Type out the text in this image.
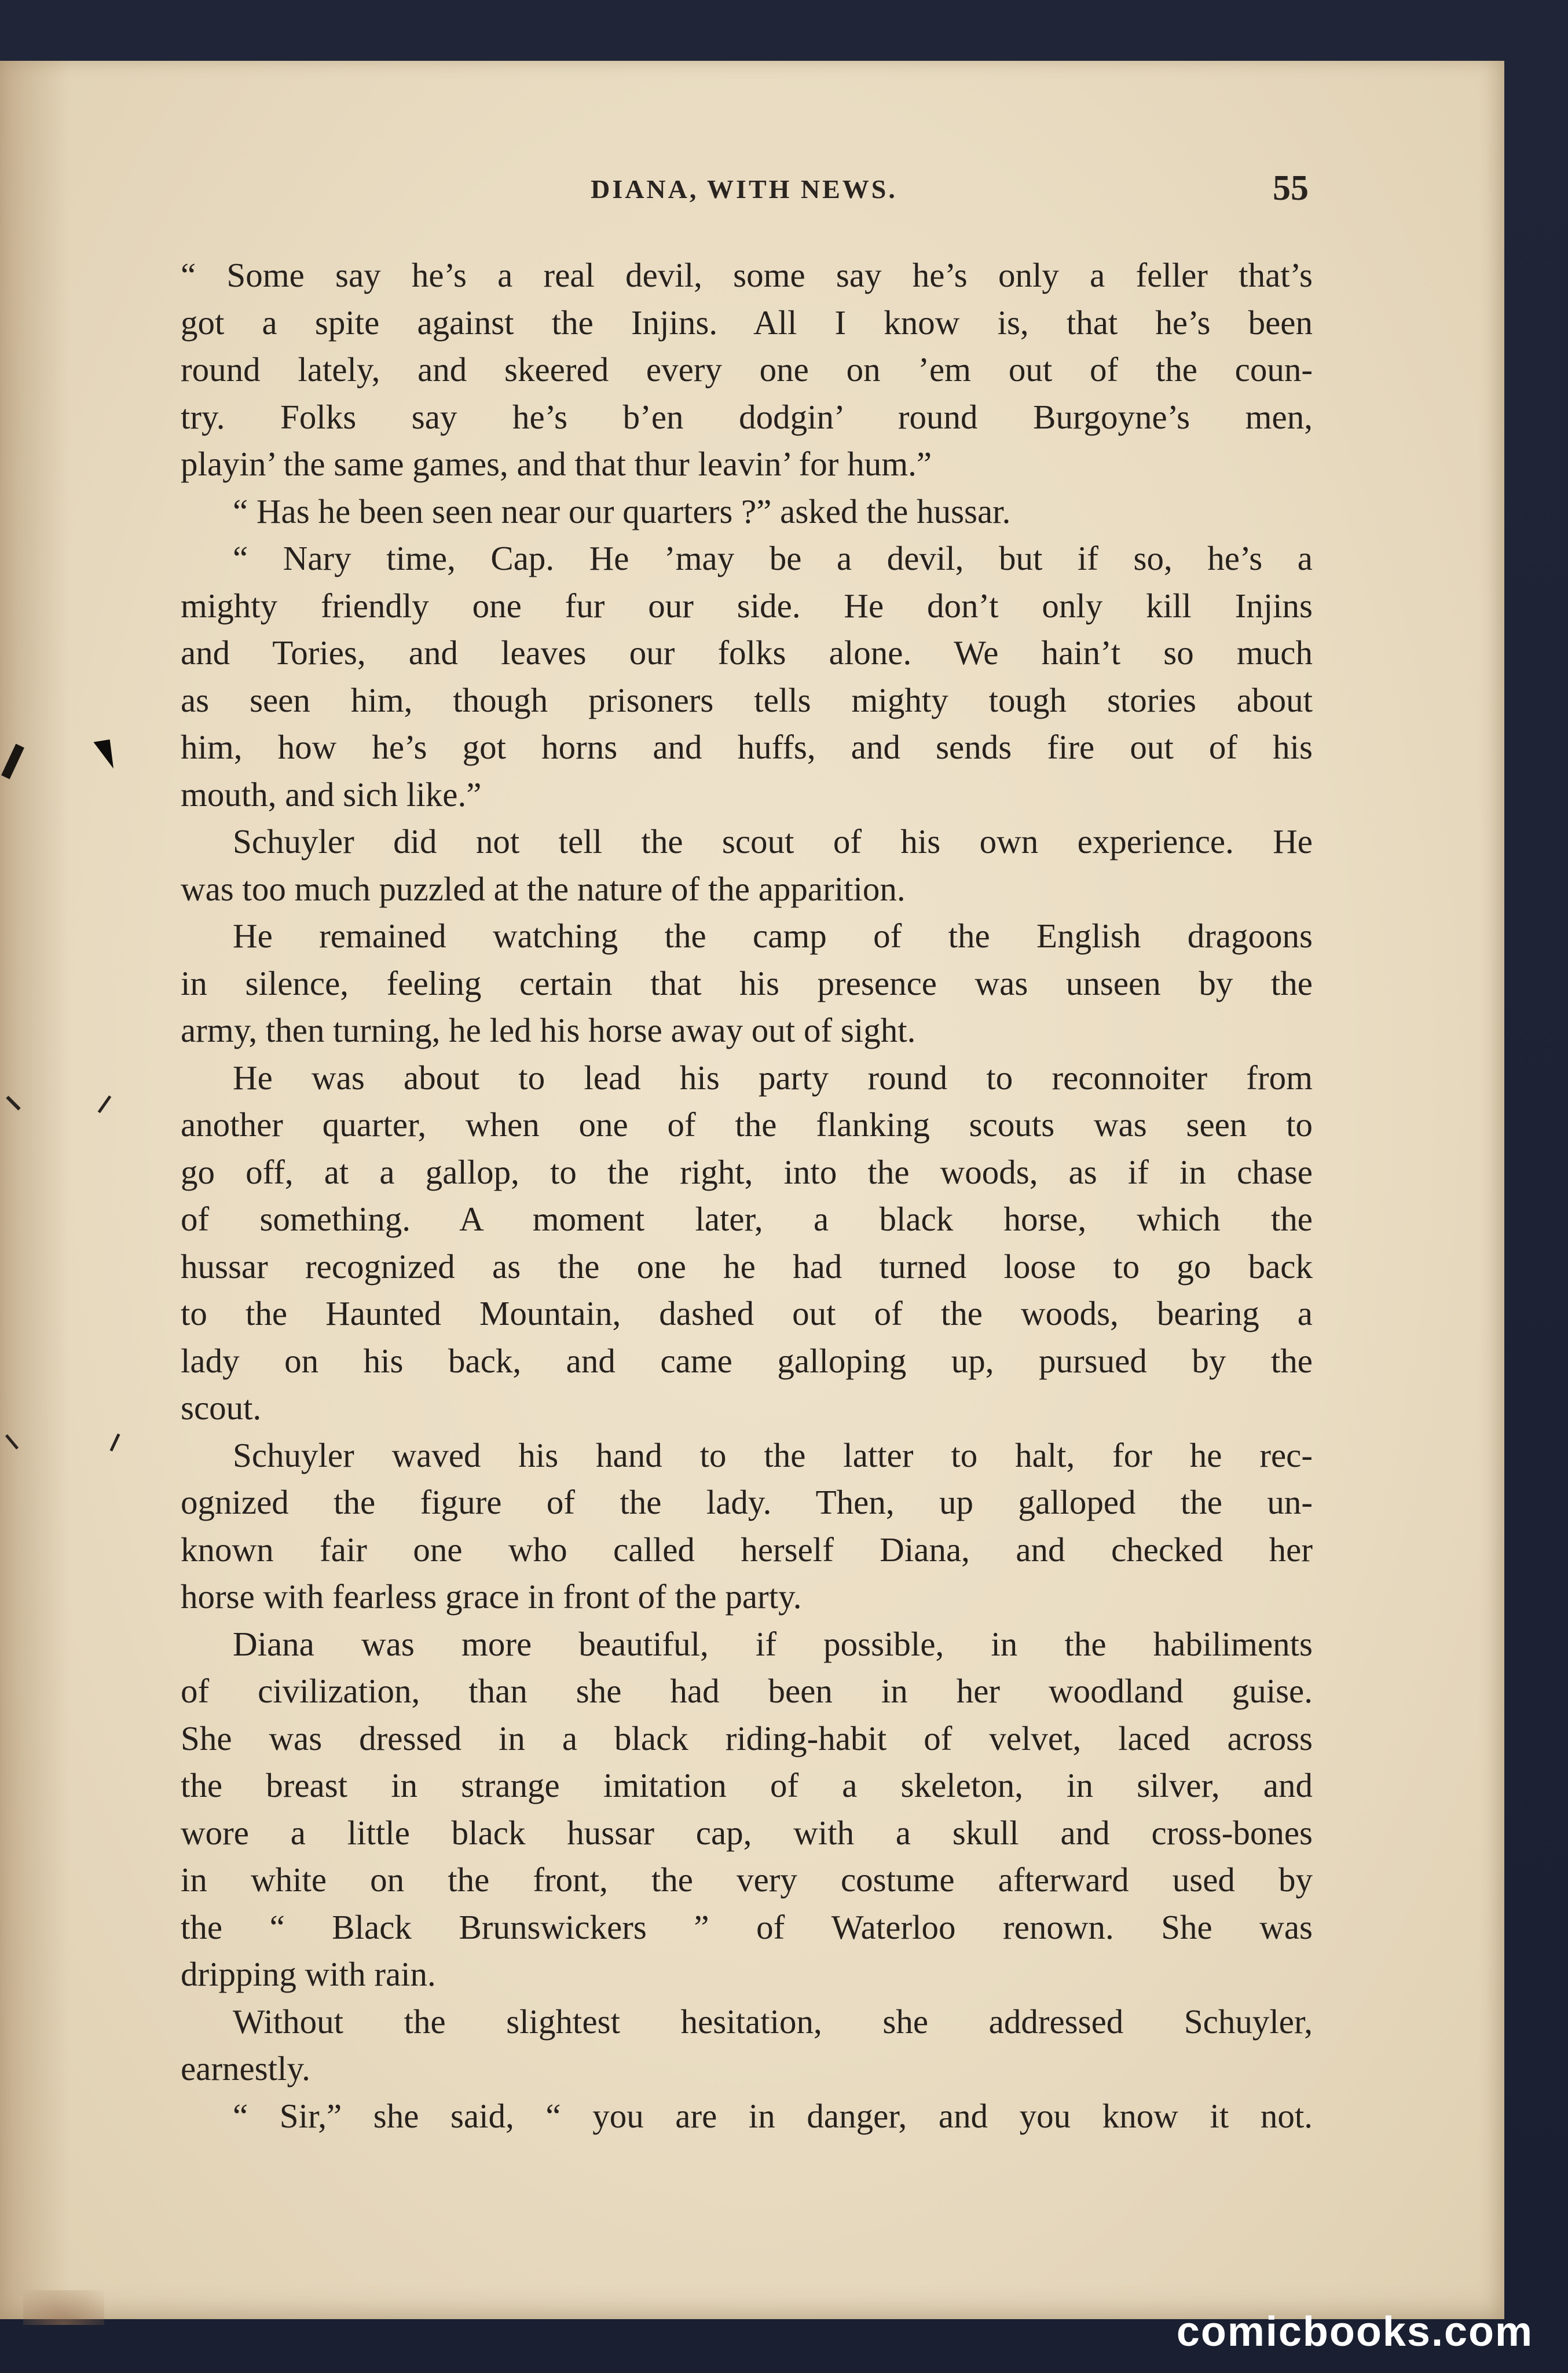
DIANA, WITH NEWS.	55
“ Some say he’s a real devil, some say he’s only a feller that’s
got a spite against the Injins. All I know is, that he’s been
round lately, and skeered every one on ’em out of the coun-
try. Folks say he’s b’en dodgin’ round Burgoyne’s men,
playin’ the same games, and that thur leavin’ for hum.”
“ Has he been seen near our quarters ?” asked the hussar.
“ Nary time, Cap. He ’may be a devil, but if so, he’s a
mighty friendly one fur our side. He don’t only kill Injins
and Tories, and leaves our folks alone. We hain’t so much
as seen him, though prisoners tells mighty tough stories about
him, how he’s got horns and huffs, and sends fire out of his
mouth, and sich like.”
Schuyler did not tell the scout of his own experience. He
was too much puzzled at the nature of the apparition.
He remained watching the camp of the English dragoons
in silence, feeling certain that his presence was unseen by the
army, then turning, he led his horse away out of sight.
He was about to lead his party round to reconnoiter from
another quarter, when one of the flanking scouts was seen to
go off, at a gallop, to the right, into the woods, as if in chase
of something. A moment later, a black horse, which the
hussar recognized as the one he had turned loose to go back
to the Haunted Mountain, dashed out of the woods, bearing a
lady on his back, and came galloping up, pursued by the
scout.
Schuyler waved his hand to the latter to halt, for he rec-
ognized the figure of the lady. Then, up galloped the un-
known fair one who called herself Diana, and checked her
horse with fearless grace in front of the party.
Diana was more beautiful, if possible, in the habiliments
of civilization, than she had been in her woodland guise.
She was dressed in a black riding-habit of velvet, laced across
the breast in strange imitation of a skeleton, in silver, and
wore a little black hussar cap, with a skull and cross-bones
in white on the front, the very costume afterward used by
the “ Black Brunswickers ” of Waterloo renown. She was
dripping with rain.
Without the slightest hesitation, she addressed Schuyler,
earnestly.
“ Sir,” she said, “ you are in danger, and you know it not.
comicbooks.com
